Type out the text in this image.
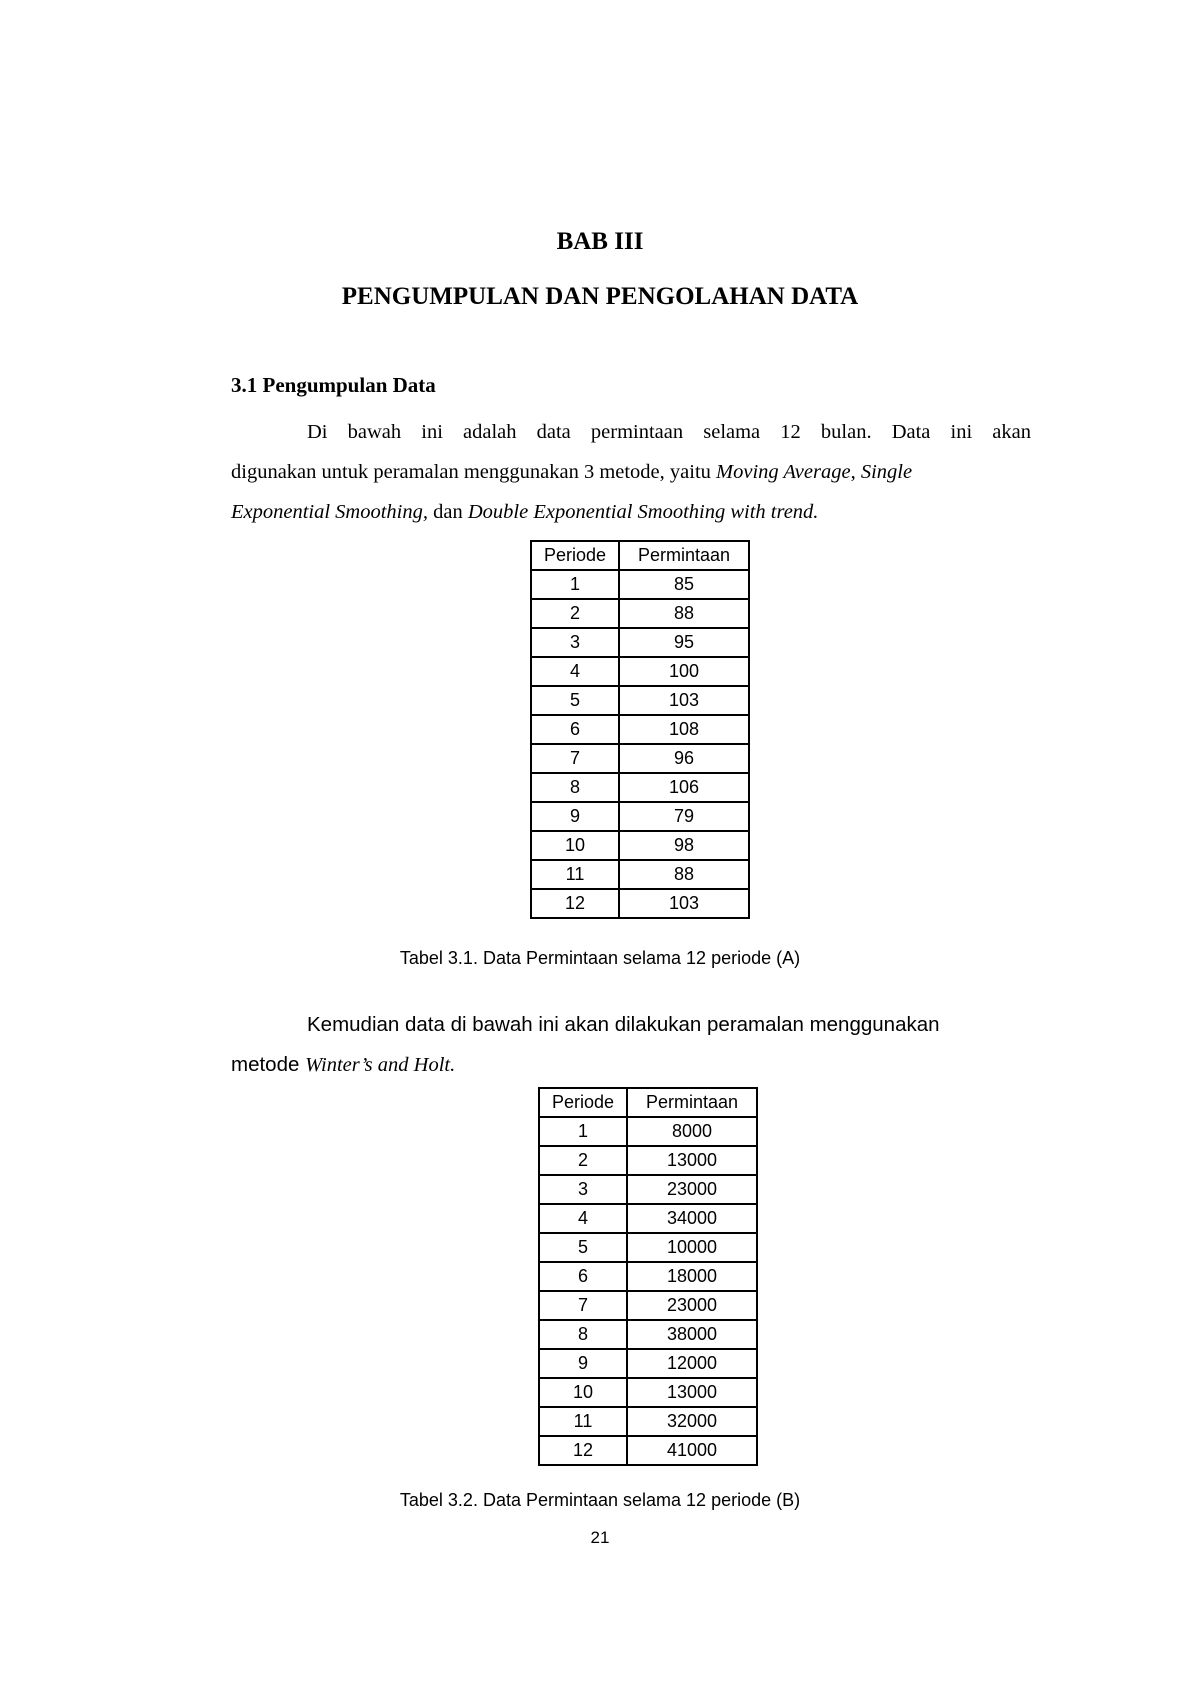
BAB III
PENGUMPULAN DAN PENGOLAHAN DATA
3.1 Pengumpulan Data
Di bawah ini adalah data permintaan selama 12 bulan. Data ini akan
digunakan untuk peramalan menggunakan 3 metode, yaitu Moving Average, Single
Exponential Smoothing, dan Double Exponential Smoothing with trend.
Periode	Permintaan
1	85
2	88
3	95
4	100
5	103
6	108
7	96
8	106
9	79
10	98
11	88
12	103
Tabel 3.1. Data Permintaan selama 12 periode (A)
Kemudian data di bawah ini akan dilakukan peramalan menggunakan
metode Winter’s and Holt.
Periode	Permintaan
1	8000
2	13000
3	23000
4	34000
5	10000
6	18000
7	23000
8	38000
9	12000
10	13000
11	32000
12	41000
Tabel 3.2. Data Permintaan selama 12 periode (B)
21
